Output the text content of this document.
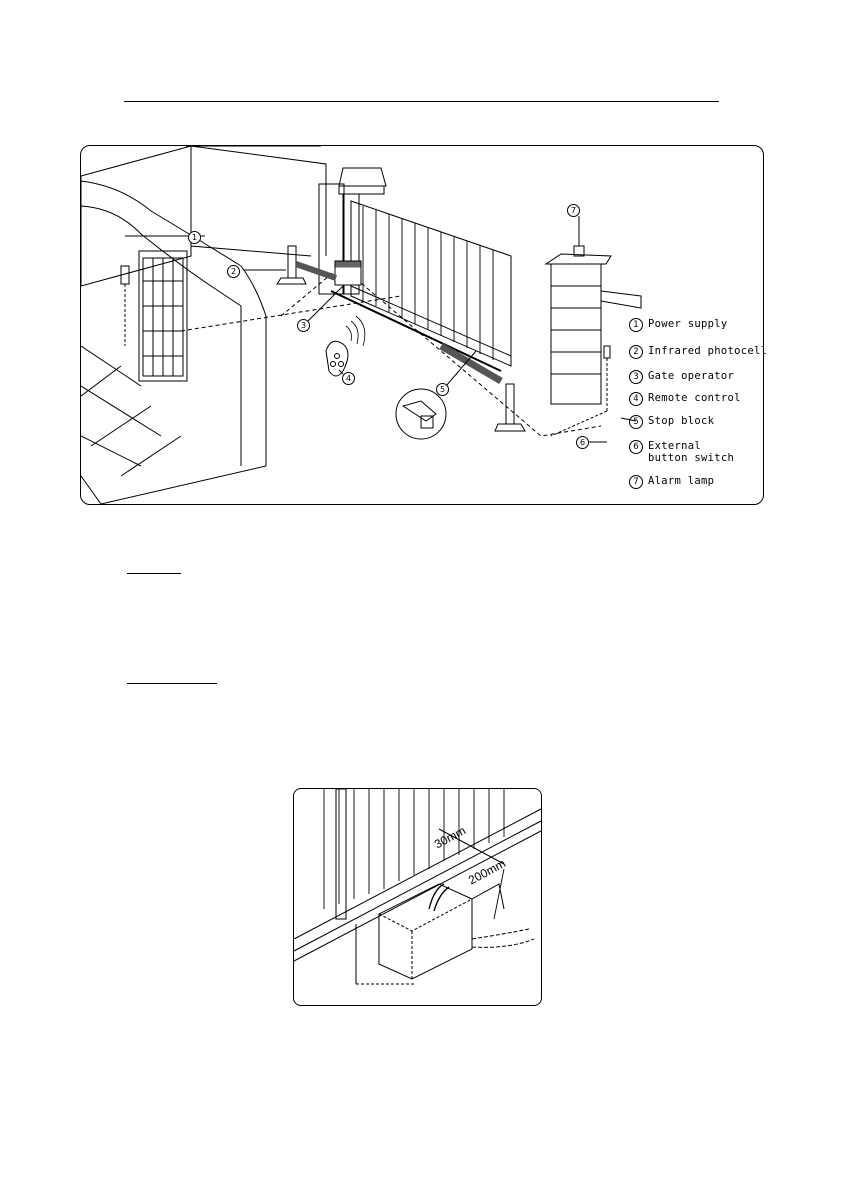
1
2
3
4
5
6
7
1 Power supply
2 Infrared photocell
3 Gate operator
4 Remote control
5 Stop block
6 External
button switch
7 Alarm lamp
30mm
200mm
